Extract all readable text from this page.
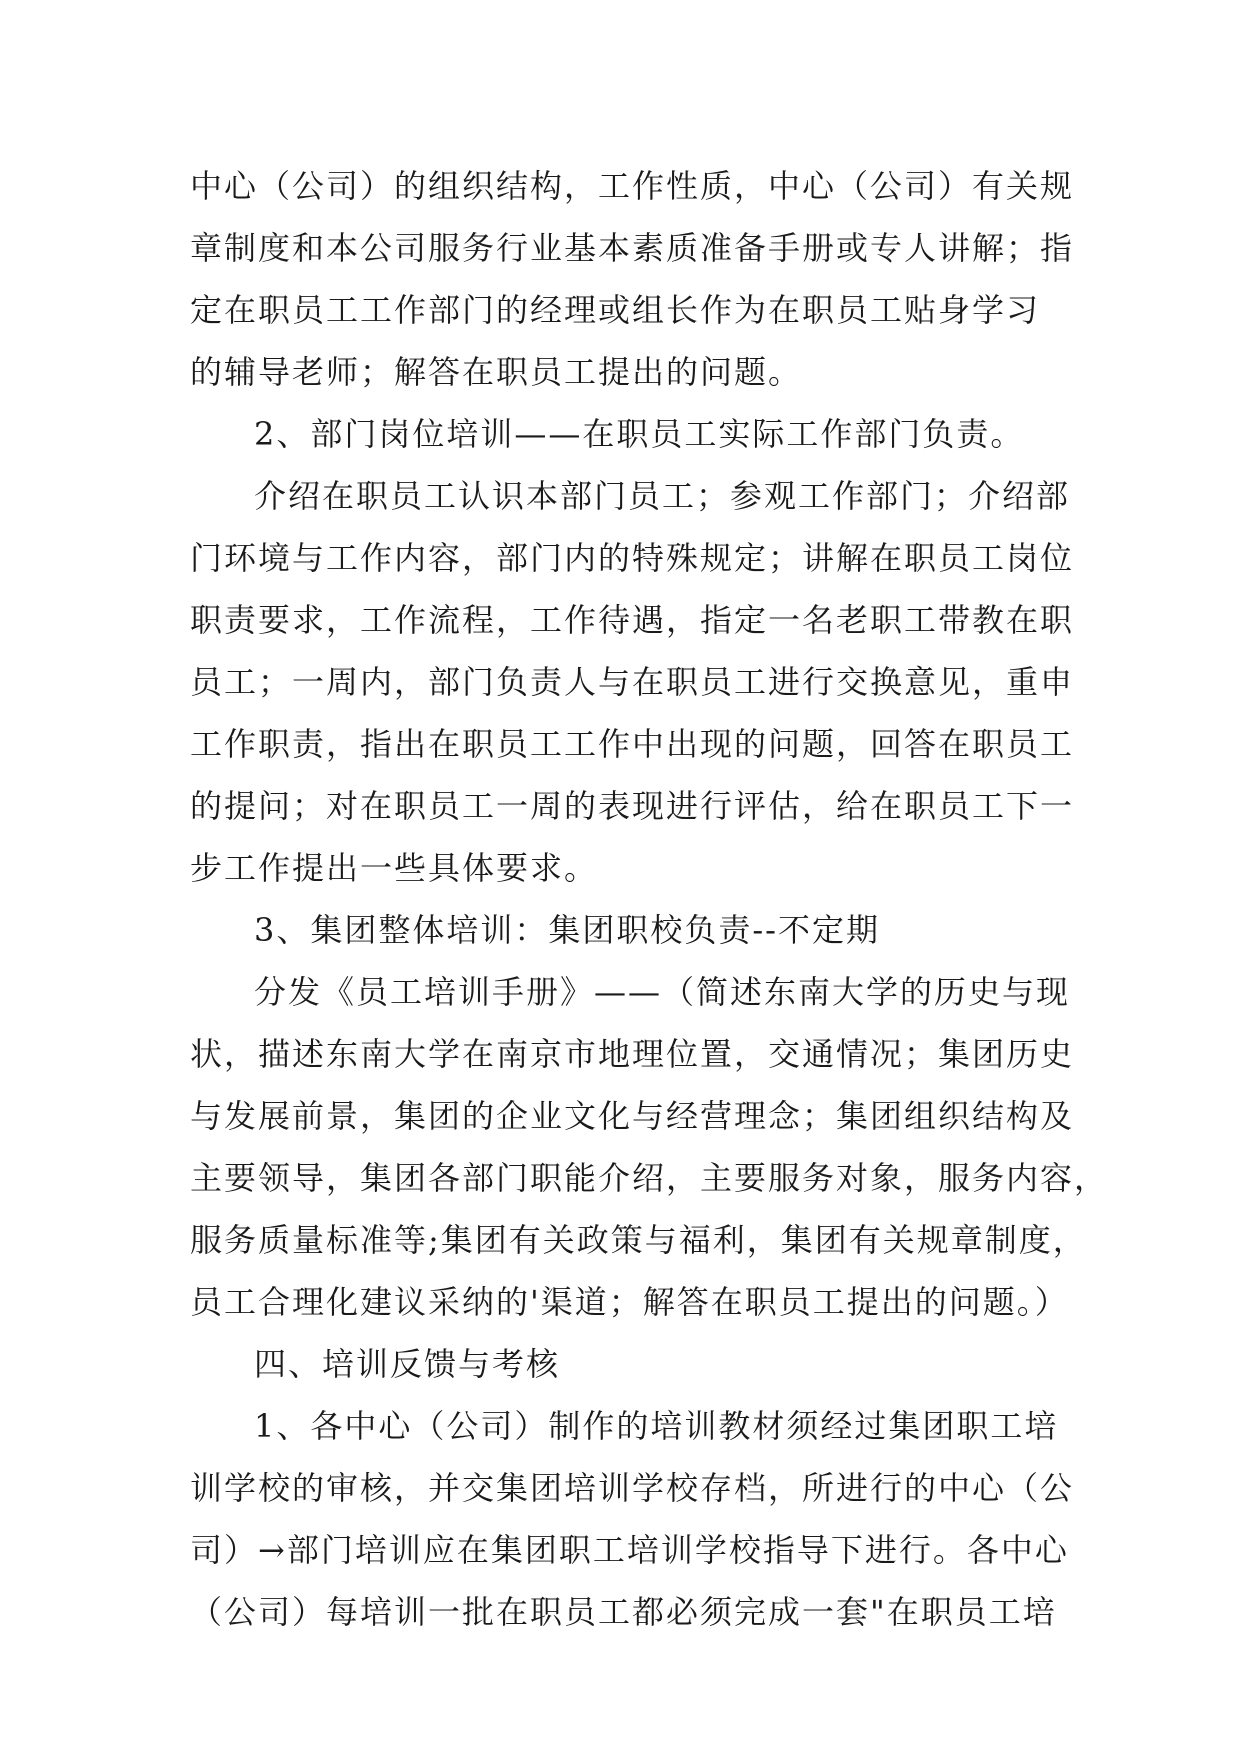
中心（公司）的组织结构，工作性质，中心（公司）有关规
章制度和本公司服务行业基本素质准备手册或专人讲解；指
定在职员工工作部门的经理或组长作为在职员工贴身学习
的辅导老师；解答在职员工提出的问题。
2、部门岗位培训——在职员工实际工作部门负责。
介绍在职员工认识本部门员工；参观工作部门；介绍部
门环境与工作内容，部门内的特殊规定；讲解在职员工岗位
职责要求，工作流程，工作待遇，指定一名老职工带教在职
员工；一周内，部门负责人与在职员工进行交换意见，重申
工作职责，指出在职员工工作中出现的问题，回答在职员工
的提问；对在职员工一周的表现进行评估，给在职员工下一
步工作提出一些具体要求。
3、集团整体培训：集团职校负责--不定期
分发《员工培训手册》——（简述东南大学的历史与现
状，描述东南大学在南京市地理位置，交通情况；集团历史
与发展前景，集团的企业文化与经营理念；集团组织结构及
主要领导，集团各部门职能介绍，主要服务对象，服务内容，
服务质量标准等;集团有关政策与福利，集团有关规章制度，
员工合理化建议采纳的'渠道；解答在职员工提出的问题。）
四、培训反馈与考核
1、各中心（公司）制作的培训教材须经过集团职工培
训学校的审核，并交集团培训学校存档，所进行的中心（公
司）→部门培训应在集团职工培训学校指导下进行。各中心
（公司）每培训一批在职员工都必须完成一套"在职员工培
